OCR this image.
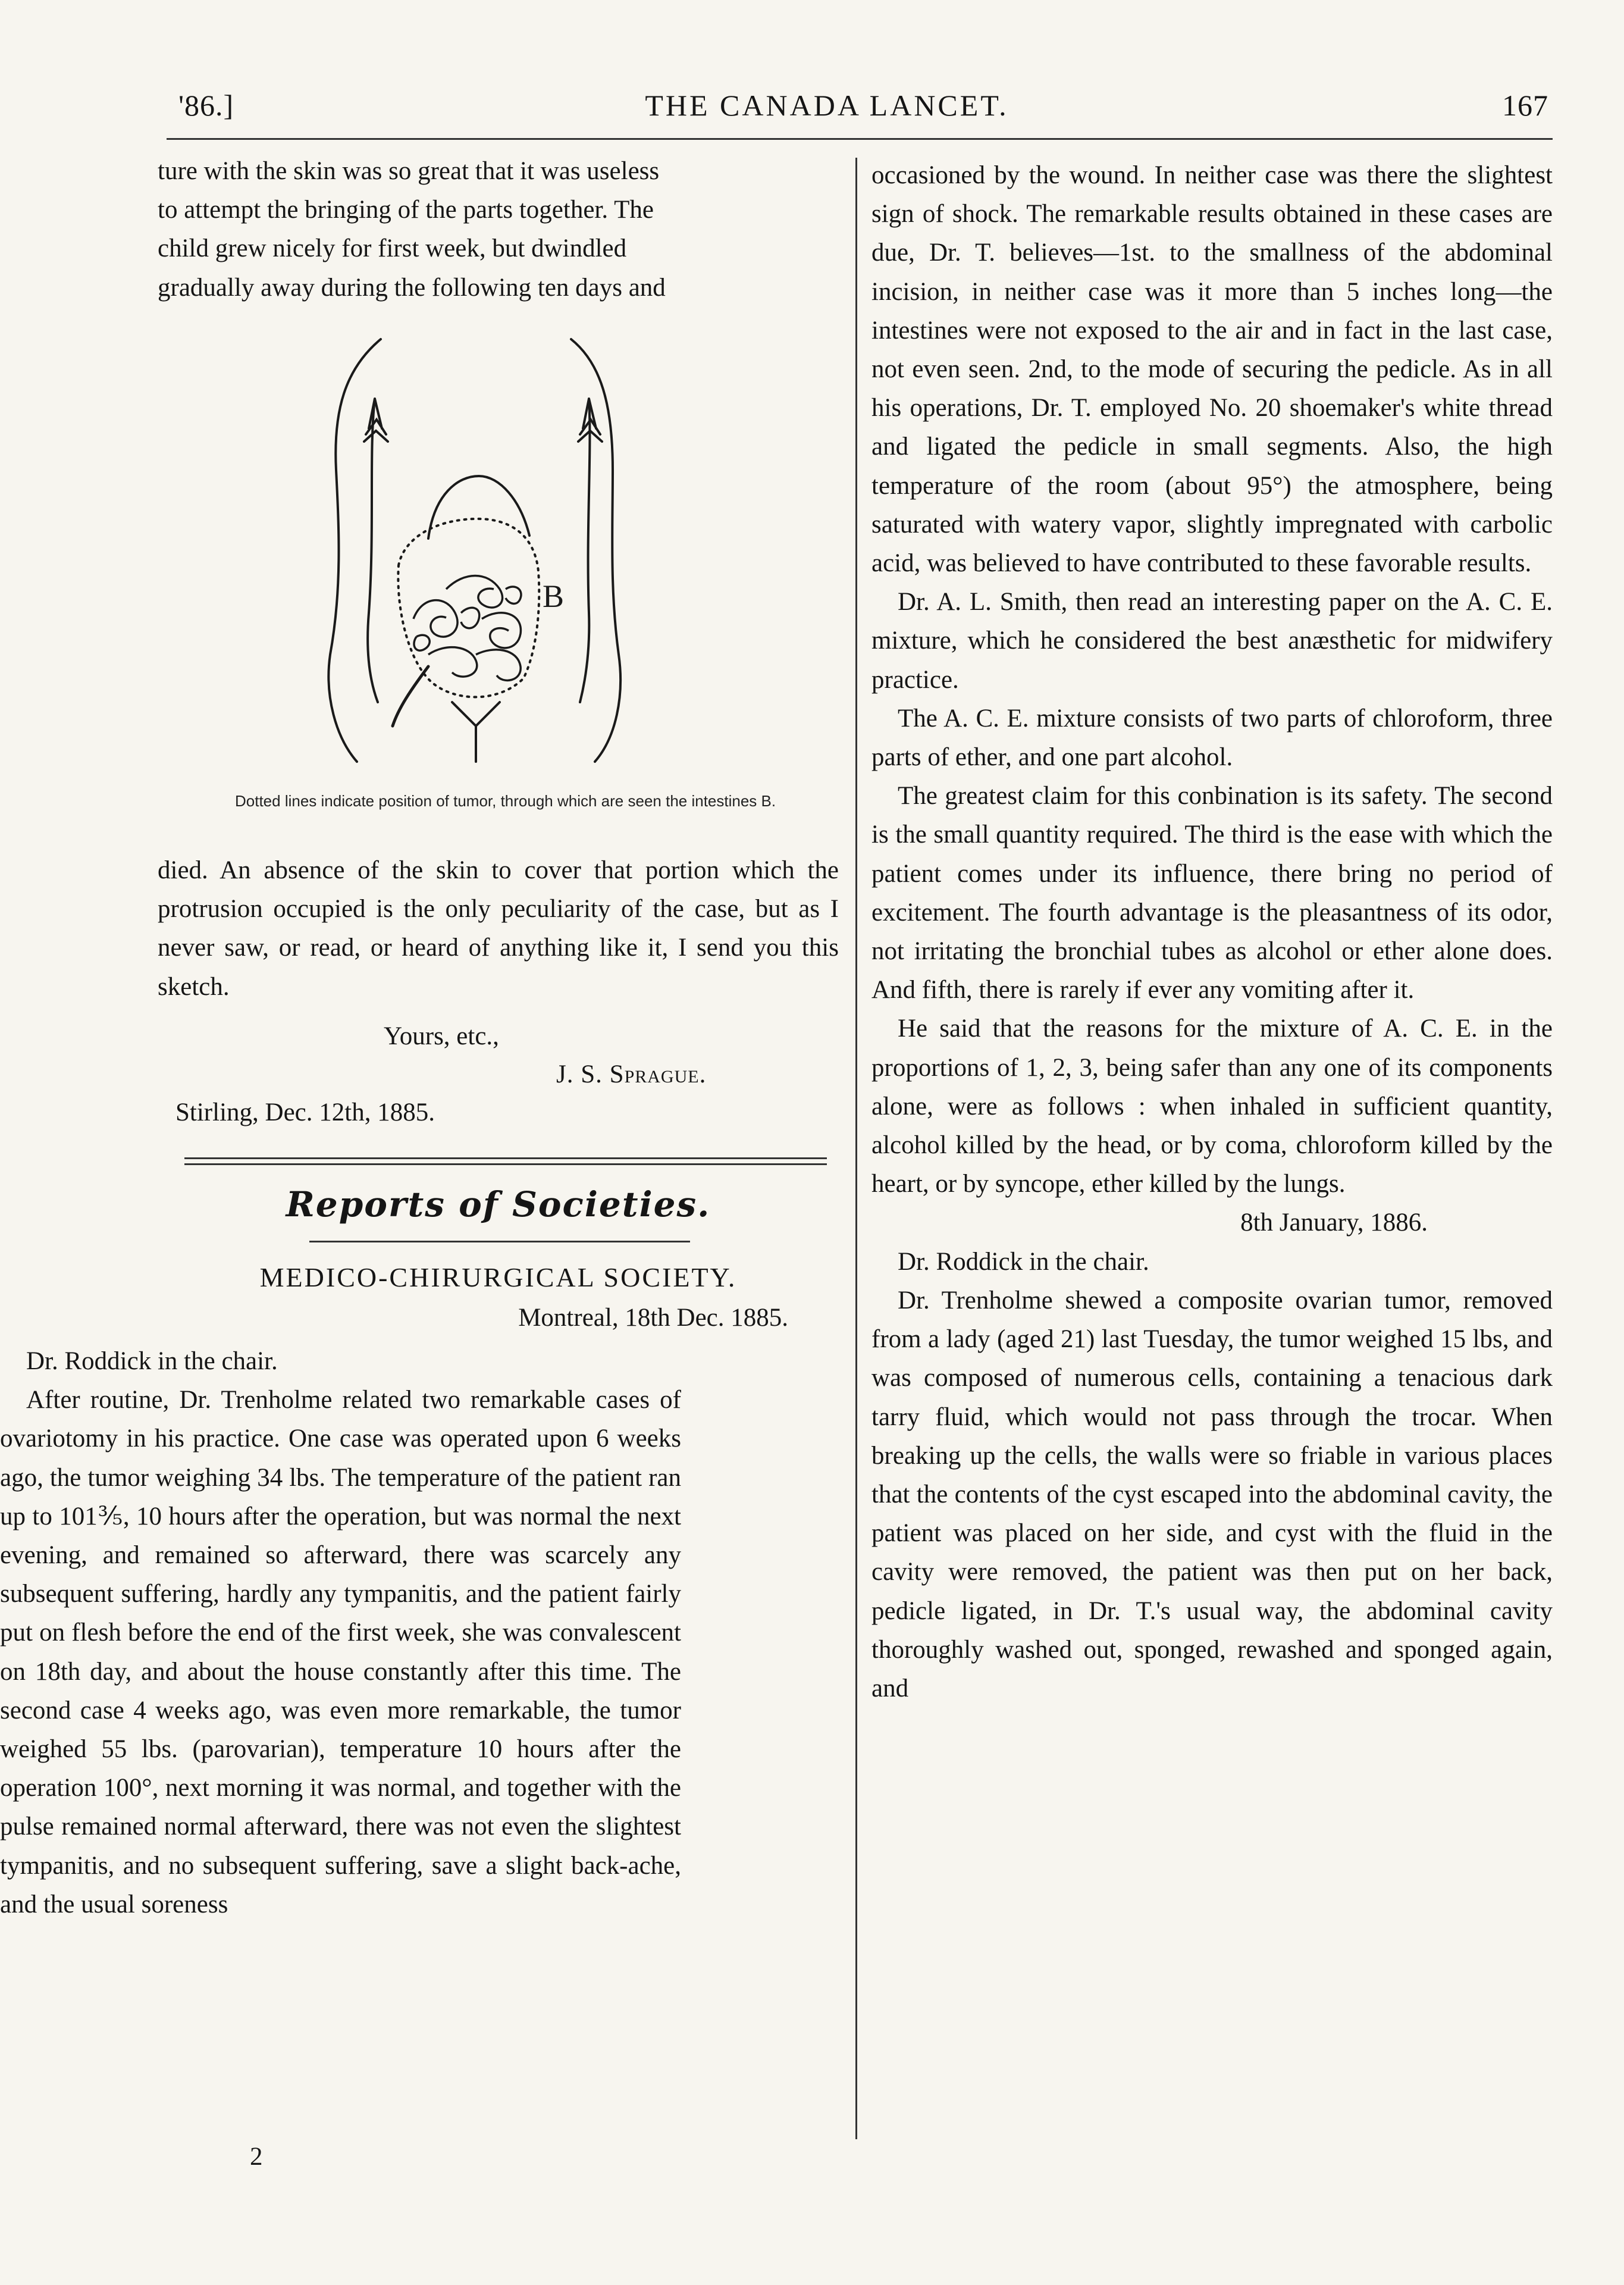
'86.]	THE CANADA LANCET.	167

ture with the skin was so great that it was useless

to attempt the bringing of the parts together. The

child grew nicely for first week, but dwindled

gradually away during the following ten days and

B
Dotted lines indicate position of tumor, through which are seen the intestines B.

died. An absence of the skin to cover that portion which the protrusion occupied is the only peculiarity of the case, but as I never saw, or read, or heard of anything like it, I send you this sketch.

Yours, etc.,
J. S. Sprague.
Stirling, Dec. 12th, 1885.
Reports of Societies.
MEDICO-CHIRURGICAL SOCIETY.
Montreal, 18th Dec. 1885.

Dr. Roddick in the chair.

After routine, Dr. Trenholme related two remarkable cases of ovariotomy in his practice. One case was operated upon 6 weeks ago, the tumor weighing 34 lbs. The temperature of the patient ran up to 101⅗, 10 hours after the operation, but was normal the next evening, and remained so afterward, there was scarcely any subsequent suffering, hardly any tympanitis, and the patient fairly put on flesh before the end of the first week, she was convalescent on 18th day, and about the house constantly after this time. The second case 4 weeks ago, was even more remarkable, the tumor weighed 55 lbs. (parovarian), temperature 10 hours after the operation 100°, next morning it was normal, and together with the pulse remained normal afterward, there was not even the slightest tympanitis, and no subsequent suffering, save a slight back-ache, and the usual soreness

2

occasioned by the wound. In neither case was there the slightest sign of shock. The remarkable results obtained in these cases are due, Dr. T. believes—1st. to the smallness of the abdominal incision, in neither case was it more than 5 inches long—the intestines were not exposed to the air and in fact in the last case, not even seen. 2nd, to the mode of securing the pedicle. As in all his operations, Dr. T. employed No. 20 shoemaker's white thread and ligated the pedicle in small segments. Also, the high temperature of the room (about 95°) the atmosphere, being saturated with watery vapor, slightly impregnated with carbolic acid, was believed to have contributed to these favorable results.

Dr. A. L. Smith, then read an interesting paper on the A. C. E. mixture, which he considered the best anæsthetic for midwifery practice.

The A. C. E. mixture consists of two parts of chloroform, three parts of ether, and one part alcohol.

The greatest claim for this conbination is its safety. The second is the small quantity required. The third is the ease with which the patient comes under its influence, there bring no period of excitement. The fourth advantage is the pleasantness of its odor, not irritating the bronchial tubes as alcohol or ether alone does. And fifth, there is rarely if ever any vomiting after it.

He said that the reasons for the mixture of A. C. E. in the proportions of 1, 2, 3, being safer than any one of its components alone, were as follows : when inhaled in sufficient quantity, alcohol killed by the head, or by coma, chloroform killed by the heart, or by syncope, ether killed by the lungs.

8th January, 1886.

Dr. Roddick in the chair.

Dr. Trenholme shewed a composite ovarian tumor, removed from a lady (aged 21) last Tuesday, the tumor weighed 15 lbs, and was composed of numerous cells, containing a tenacious dark tarry fluid, which would not pass through the trocar. When breaking up the cells, the walls were so friable in various places that the contents of the cyst escaped into the abdominal cavity, the patient was placed on her side, and cyst with the fluid in the cavity were removed, the patient was then put on her back, pedicle ligated, in Dr. T.'s usual way, the abdominal cavity thoroughly washed out, sponged, rewashed and sponged again, and
